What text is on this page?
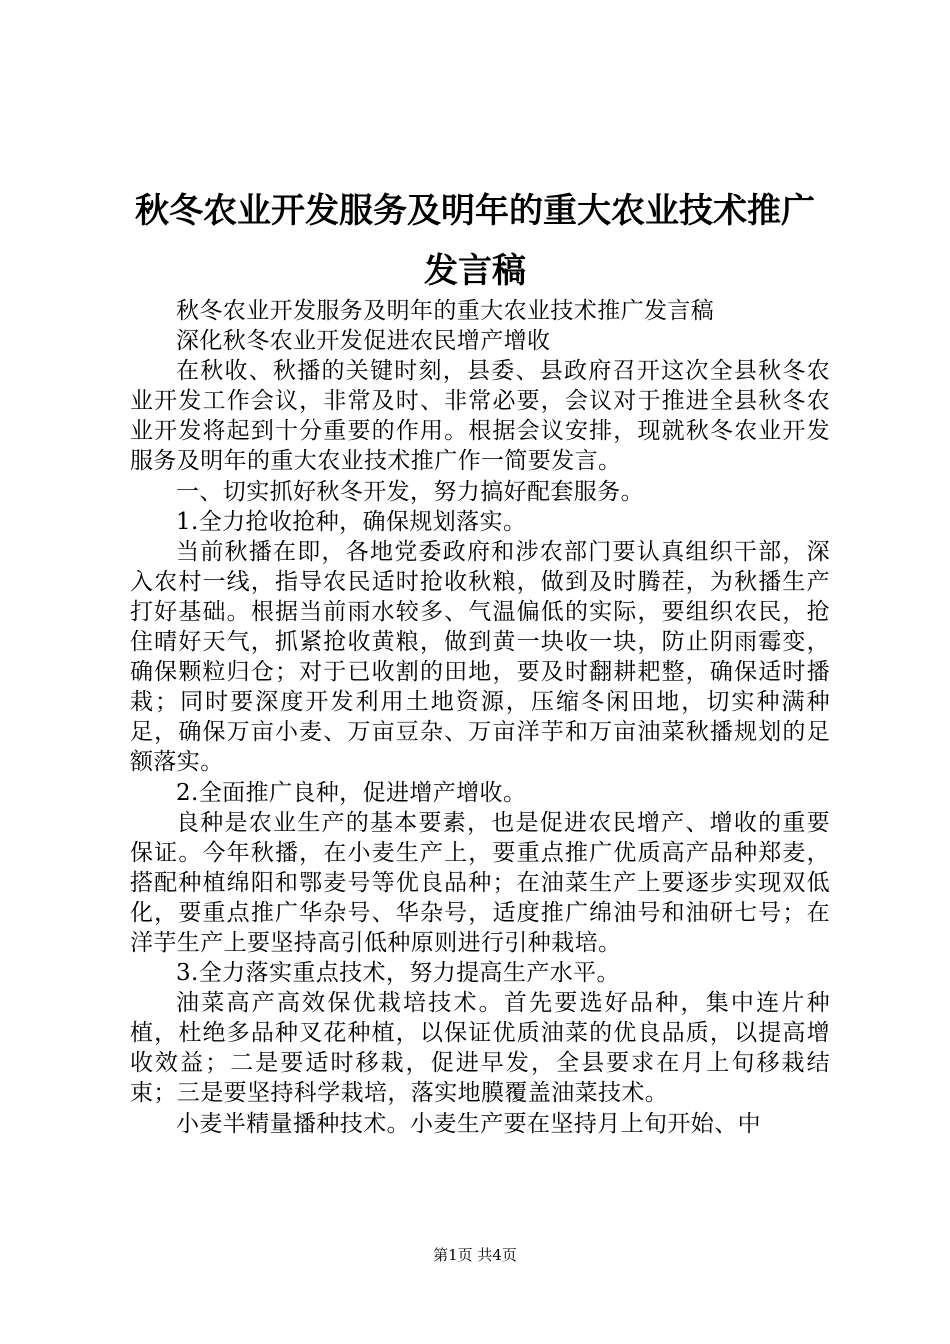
秋冬农业开发服务及明年的重大农业技术推广
发言稿

秋冬农业开发服务及明年的重大农业技术推广发言稿

深化秋冬农业开发促进农民增产增收

在秋收、秋播的关键时刻，县委、县政府召开这次全县秋冬农业开发工作会议，非常及时、非常必要，会议对于推进全县秋冬农业开发将起到十分重要的作用。根据会议安排，现就秋冬农业开发服务及明年的重大农业技术推广作一简要发言。

一、切实抓好秋冬开发，努力搞好配套服务。

1.全力抢收抢种，确保规划落实。

当前秋播在即，各地党委政府和涉农部门要认真组织干部，深入农村一线，指导农民适时抢收秋粮，做到及时腾茬，为秋播生产打好基础。根据当前雨水较多、气温偏低的实际，要组织农民，抢住晴好天气，抓紧抢收黄粮，做到黄一块收一块，防止阴雨霉变，确保颗粒归仓；对于已收割的田地，要及时翻耕耙整，确保适时播栽；同时要深度开发利用土地资源，压缩冬闲田地，切实种满种足，确保万亩小麦、万亩豆杂、万亩洋芋和万亩油菜秋播规划的足额落实。

2.全面推广良种，促进增产增收。

良种是农业生产的基本要素，也是促进农民增产、增收的重要保证。今年秋播，在小麦生产上，要重点推广优质高产品种郑麦，搭配种植绵阳和鄂麦号等优良品种；在油菜生产上要逐步实现双低化，要重点推广华杂号、华杂号，适度推广绵油号和油研七号；在洋芋生产上要坚持高引低种原则进行引种栽培。

3.全力落实重点技术，努力提高生产水平。

油菜高产高效保优栽培技术。首先要选好品种，集中连片种植，杜绝多品种叉花种植，以保证优质油菜的优良品质，以提高增收效益；二是要适时移栽，促进早发，全县要求在月上旬移栽结束；三是要坚持科学栽培，落实地膜覆盖油菜技术。

小麦半精量播种技术。小麦生产要在坚持月上旬开始、中

第1页 共4页
